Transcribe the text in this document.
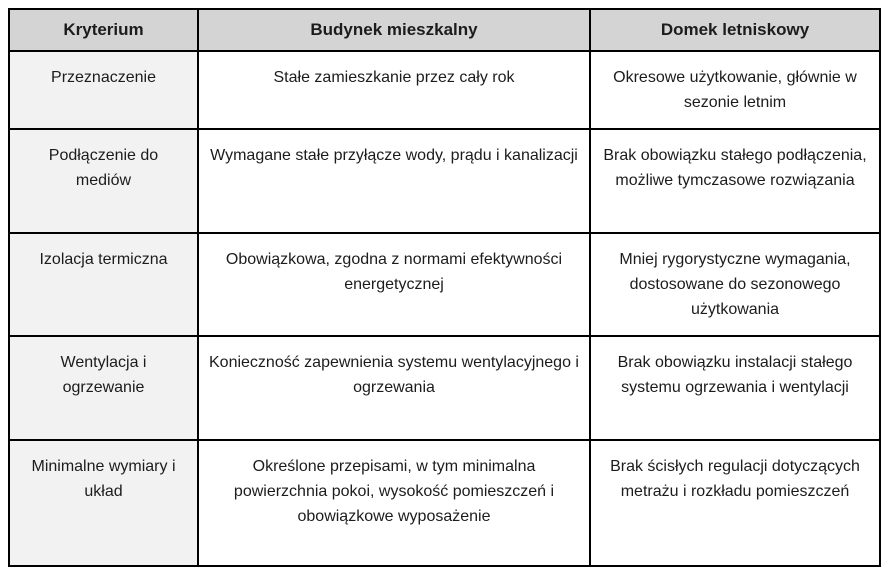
Kryterium	Budynek mieszkalny	Domek letniskowy
Przeznaczenie	Stałe zamieszkanie przez cały rok	Okresowe użytkowanie, głównie w sezonie letnim
Podłączenie do mediów	Wymagane stałe przyłącze wody, prądu i kanalizacji	Brak obowiązku stałego podłączenia, możliwe tymczasowe rozwiązania
Izolacja termiczna	Obowiązkowa, zgodna z normami efektywności energetycznej	Mniej rygorystyczne wymagania, dostosowane do sezonowego użytkowania
Wentylacja i ogrzewanie	Konieczność zapewnienia systemu wentylacyjnego i ogrzewania	Brak obowiązku instalacji stałego systemu ogrzewania i wentylacji
Minimalne wymiary i układ	Określone przepisami, w tym minimalna powierzchnia pokoi, wysokość pomieszczeń i obowiązkowe wyposażenie	Brak ścisłych regulacji dotyczących metrażu i rozkładu pomieszczeń
